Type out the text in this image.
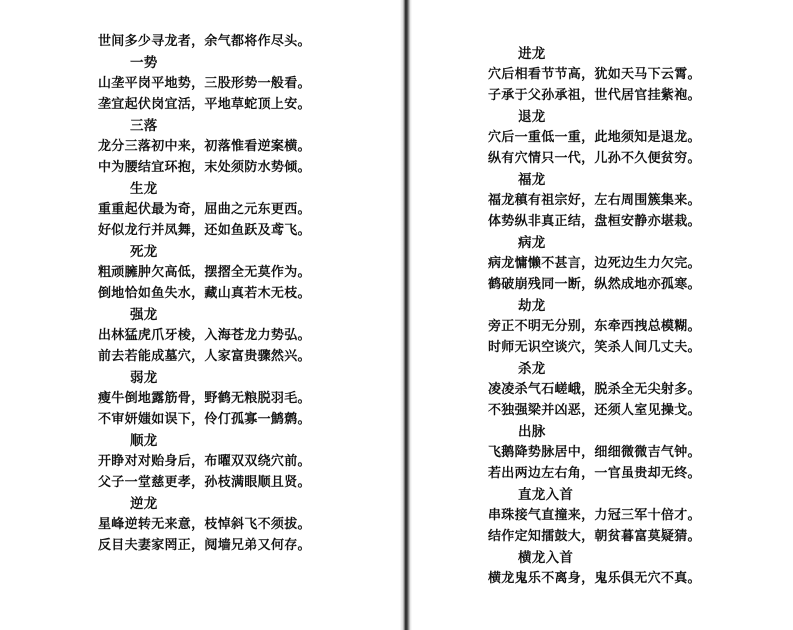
世间多少寻龙者，余气都将作尽头。
一势
山垄平岗平地势，三股形势一般看。
垄宜起伏岗宜活，平地草蛇顶上安。
三落
龙分三落初中来，初落惟看逆案横。
中为腰结宜环抱，末处须防水势倾。
生龙
重重起伏最为奇，屈曲之元东更西。
好似龙行并凤舞，还如鱼跃及鸢飞。
死龙
粗顽臃肿欠高低，摆摺全无莫作为。
倒地恰如鱼失水，藏山真若木无枝。
强龙
出林猛虎爪牙棱，入海苍龙力势弘。
前去若能成墓穴，人家富贵骤然兴。
弱龙
瘦牛倒地露筋骨，野鹤无粮脱羽毛。
不审妍媸如误下，伶仃孤寡一鹪鹩。
顺龙
开睁对对贻身后，布曜双双绕穴前。
父子一堂慈更孝，孙枝满眼顺且贤。
逆龙
星峰逆转无来意，枝悼斜飞不须拔。
反目夫妻家罔正，阋墙兄弟又何存。
进龙
穴后相看节节高，犹如天马下云霄。
子承于父孙承祖，世代居官挂紫袍。
退龙
穴后一重低一重，此地须知是退龙。
纵有穴情只一代，儿孙不久便贫穷。
福龙
福龙稹有祖宗好，左右周围簇集来。
体势纵非真正结，盘桓安静亦堪栽。
病龙
病龙慵懒不甚言，边死边生力欠完。
鹤破崩残同一断，纵然成地亦孤寒。
劫龙
旁正不明无分别，东牵西拽总模糊。
时师无识空谈穴，笑杀人间几丈夫。
杀龙
凌凌杀气石嵯峨，脱杀全无尖射多。
不独强梁并凶恶，还须人室见操戈。
出脉
飞鹅降势脉居中，细细微微吉气钟。
若出两边左右角，一官虽贵却无终。
直龙入首
串珠接气直撞来，力冠三军十倍才。
结作定知擂鼓大，朝贫暮富莫疑猜。
横龙入首
横龙鬼乐不离身，鬼乐俱无穴不真。
